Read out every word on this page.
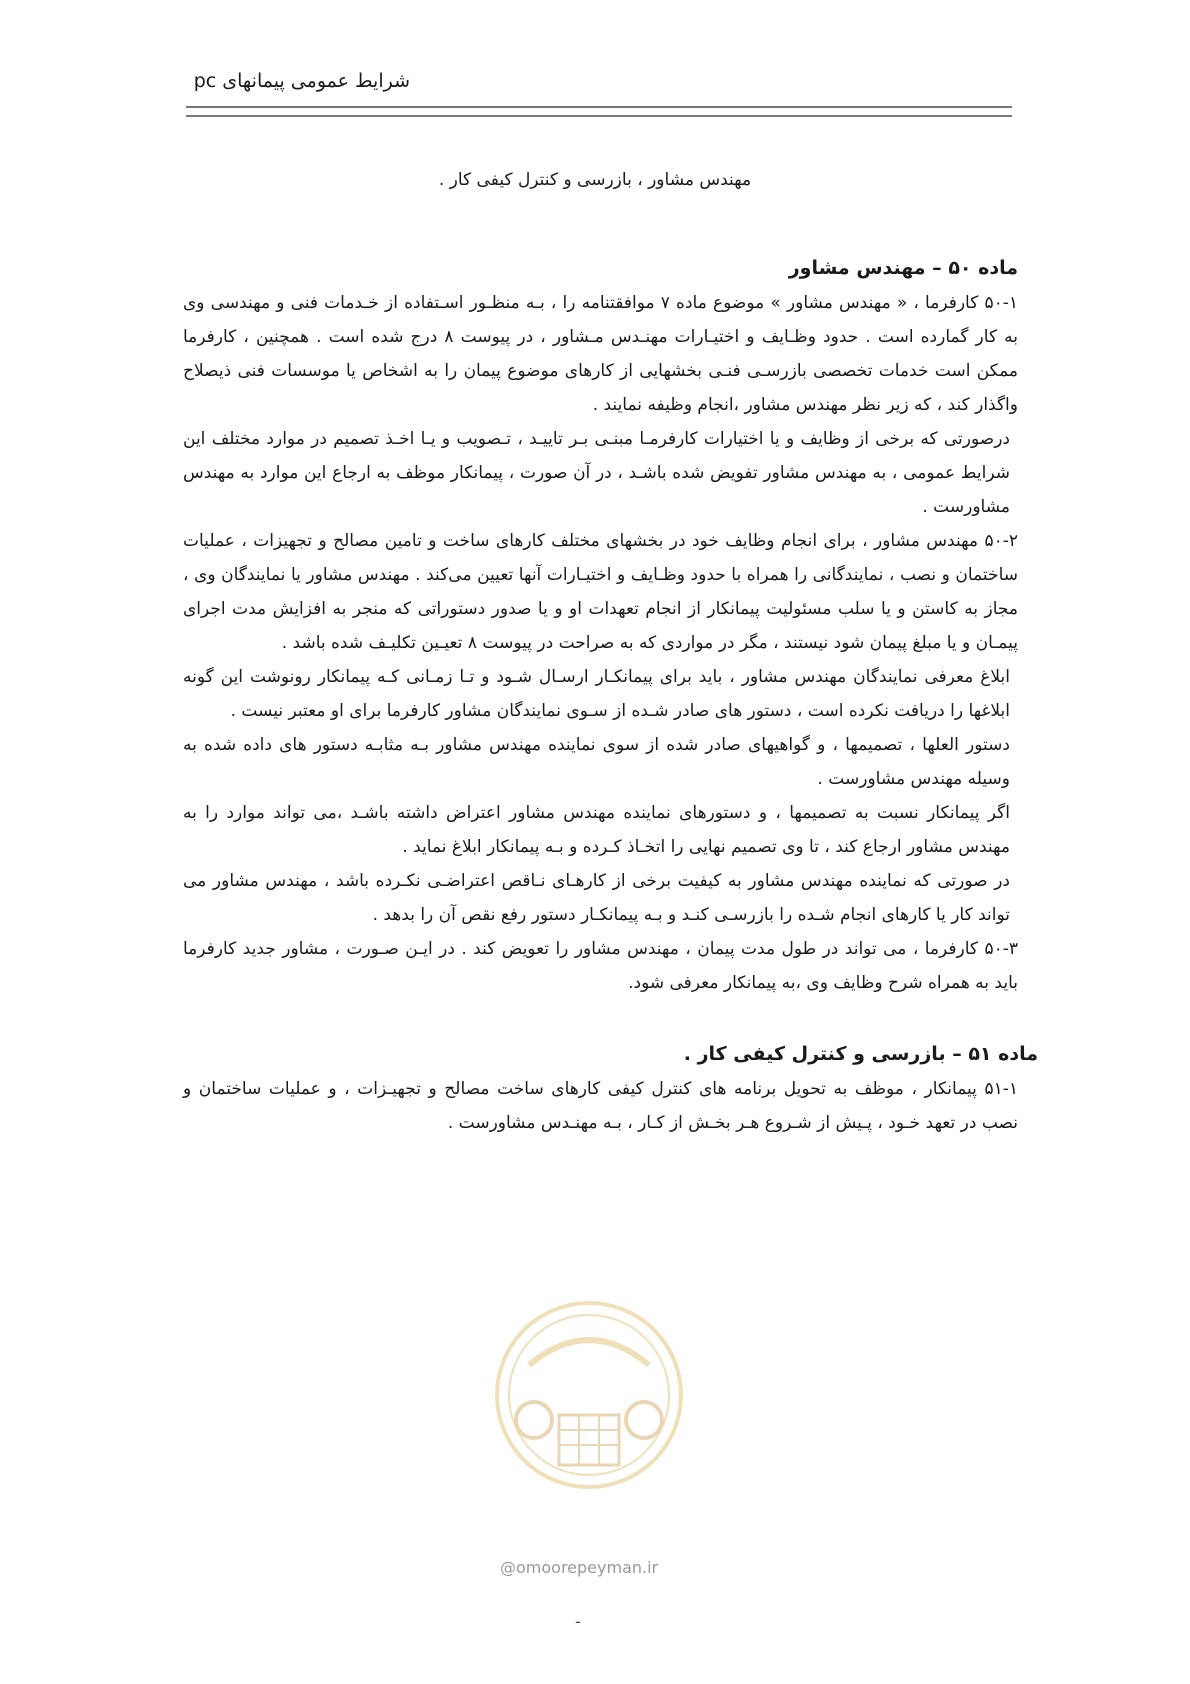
شرایط عمومی پیمانهای pc
مهندس مشاور ، بازرسی و کنترل کیفی کار .

ماده ۵۰ – مهندس مشاور

۵۰-۱ کارفرما ، « مهندس مشاور » موضوع ماده ۷ موافقتنامه را ، بـه منظـور اسـتفاده از خـدمات فنی و مهندسی وی به کار گمارده است . حدود وظـایف و اختیـارات مهنـدس مـشاور ، در پیوست ۸ درج شده است . همچنین ، کارفرما ممکن است خدمات تخصصی بازرسـی فنـی بخشهایی از کارهای موضوع پیمان را به اشخاص یا موسسات فنی ذیصلاح واگذار کند ، که زیر نظر مهندس مشاور ،انجام وظیفه نمایند .

درصورتی که برخی از وظایف و یا اختیارات کارفرمـا مبنـی بـر تاییـد ، تـصویب و یـا اخـذ تصمیم در موارد مختلف این شرایط عمومی ، به مهندس مشاور تفویض شده باشـد ، در آن صورت ، پیمانکار موظف به ارجاع این موارد به مهندس مشاورست .

۵۰-۲ مهندس مشاور ، برای انجام وظایف خود در بخشهای مختلف کارهای ساخت و تامین مصالح و تجهیزات ، عملیات ساختمان و نصب ، نمایندگانی را همراه با حدود وظـایف و اختیـارات آنها تعیین می‌کند . مهندس مشاور یا نمایندگان وی ، مجاز به کاستن و یا سلب مسئولیت پیمانکار از انجام تعهدات او و یا صدور دستوراتی که منجر به افزایش مدت اجرای پیمـان و یا مبلغ پیمان شود نیستند ، مگر در مواردی که به صراحت در پیوست ۸ تعیـین تکلیـف شده باشد .

ابلاغ معرفی نمایندگان مهندس مشاور ، باید برای پیمانکـار ارسـال شـود و تـا زمـانی کـه پیمانکار رونوشت این گونه ابلاغها را دریافت نکرده است ، دستور های صادر شـده از سـوی نمایندگان مشاور کارفرما برای او معتبر نیست .

دستور العلها ، تصمیمها ، و گواهیهای صادر شده از سوی نماینده مهندس مشاور بـه مثابـه دستور های داده شده به وسیله مهندس مشاورست .

اگر پیمانکار نسبت به تصمیمها ، و دستورهای نماینده مهندس مشاور اعتراض داشته باشـد ،می تواند موارد را به مهندس مشاور ارجاع کند ، تا وی تصمیم نهایی را اتخـاذ کـرده و بـه پیمانکار ابلاغ نماید .

در صورتی که نماینده مهندس مشاور به کیفیت برخی از کارهـای نـاقص اعتراضـی نکـرده باشد ، مهندس مشاور می تواند کار یا کارهای انجام شـده را بازرسـی کنـد و بـه پیمانکـار دستور رفع نقص آن را بدهد .

۵۰-۳ کارفرما ، می تواند در طول مدت پیمان ، مهندس مشاور را تعویض کند . در ایـن صـورت ، مشاور جدید کارفرما باید به همراه شرح وظایف وی ،به پیمانکار معرفی شود.

ماده ۵۱ – بازرسی و کنترل کیفی کار .

۵۱-۱ پیمانکار ، موظف به تحویل برنامه های کنترل کیفی کارهای ساخت مصالح و تجهیـزات ، و عملیات ساختمان و نصب در تعهد خـود ، پـیش از شـروع هـر بخـش از کـار ، بـه مهنـدس مشاورست .

@omoorepeyman.ir
-
